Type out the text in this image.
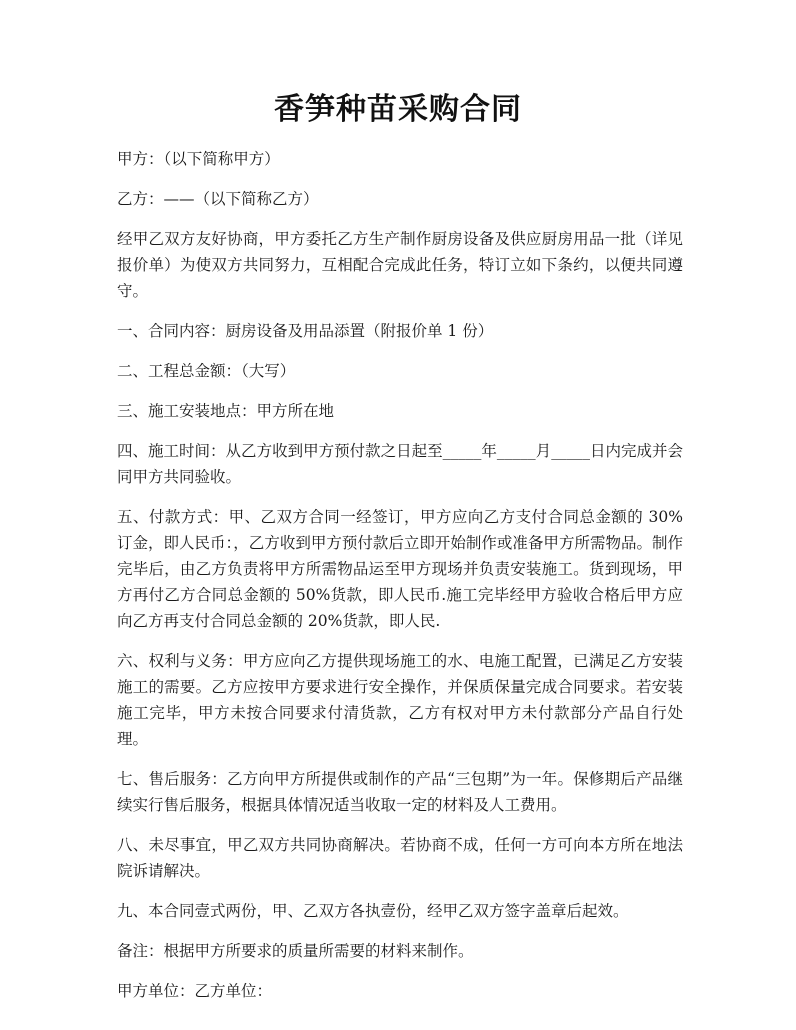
香笋种苗采购合同

甲方：（以下简称甲方）

乙方：——（以下简称乙方）

经甲乙双方友好协商，甲方委托乙方生产制作厨房设备及供应厨房用品一批（详见报价单）为使双方共同努力，互相配合完成此任务，特订立如下条约，以便共同遵守。

一、合同内容：厨房设备及用品添置（附报价单 1 份）

二、工程总金额：（大写）

三、施工安装地点：甲方所在地

四、施工时间：从乙方收到甲方预付款之日起至_____年_____月_____日内完成并会同甲方共同验收。

五、付款方式：甲、乙双方合同一经签订，甲方应向乙方支付合同总金额的 30%订金，即人民币：，乙方收到甲方预付款后立即开始制作或准备甲方所需物品。制作完毕后，由乙方负责将甲方所需物品运至甲方现场并负责安装施工。货到现场，甲方再付乙方合同总金额的 50%货款，即人民币.施工完毕经甲方验收合格后甲方应向乙方再支付合同总金额的 20%货款，即人民.

六、权利与义务：甲方应向乙方提供现场施工的水、电施工配置，已满足乙方安装施工的需要。乙方应按甲方要求进行安全操作，并保质保量完成合同要求。若安装施工完毕，甲方未按合同要求付清货款，乙方有权对甲方未付款部分产品自行处理。

七、售后服务：乙方向甲方所提供或制作的产品“三包期”为一年。保修期后产品继续实行售后服务，根据具体情况适当收取一定的材料及人工费用。

八、未尽事宜，甲乙双方共同协商解决。若协商不成，任何一方可向本方所在地法院诉请解决。

九、本合同壹式两份，甲、乙双方各执壹份，经甲乙双方签字盖章后起效。

备注：根据甲方所要求的质量所需要的材料来制作。

甲方单位：乙方单位：
